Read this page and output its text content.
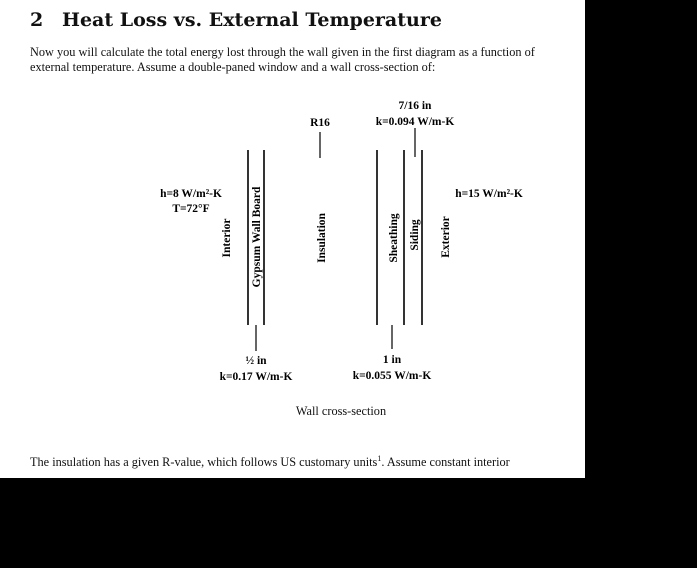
2 Heat Loss vs. External Temperature
Now you will calculate the total energy lost through the wall given in the first diagram as a function of
external temperature. Assume a double-paned window and a wall cross-section of:
R16
7/16 in
k=0.094 W/m-K
h=8 W/m²-K
T=72°F
h=15 W/m²-K
Interior Gypsum Wall Board	Insulation	Sheathing Siding Exterior
½ in
k=0.17 W/m-K
1 in
k=0.055 W/m-K
Wall cross-section
The insulation has a given R-value, which follows US customary units$^1$. Assume constant interior
